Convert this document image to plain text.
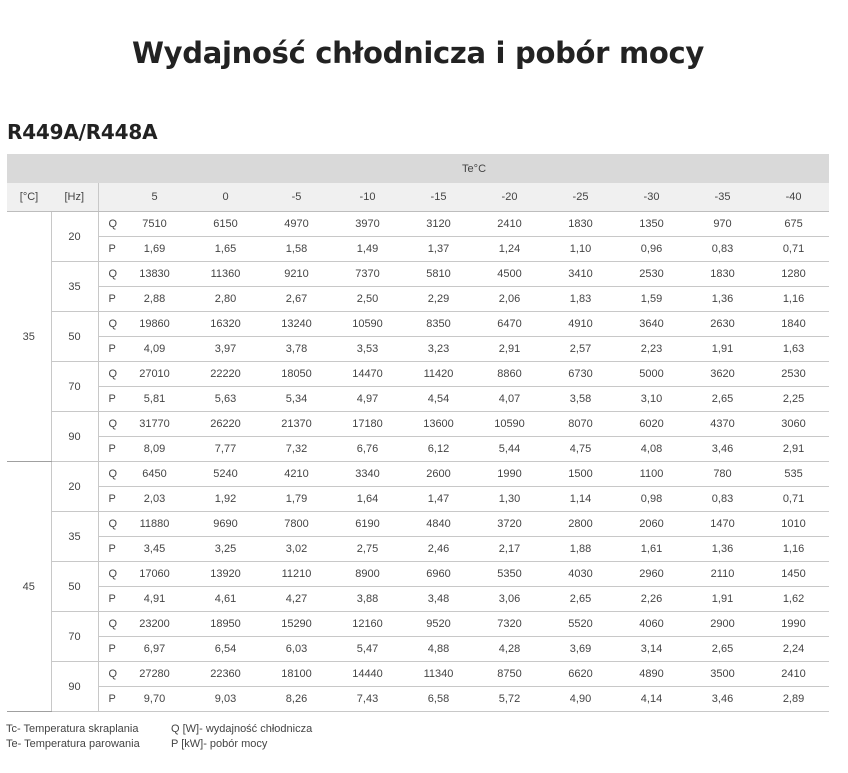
Wydajność chłodnicza i pobór mocy
R449A/R448A
			Te°C									
[°C]	[Hz]		5	0	-5	-10	-15	-20	-25	-30	-35	-40
35	20	Q	7510	6150	4970	3970	3120	2410	1830	1350	970	675
		P	1,69	1,65	1,58	1,49	1,37	1,24	1,10	0,96	0,83	0,71
	35	Q	13830	11360	9210	7370	5810	4500	3410	2530	1830	1280
		P	2,88	2,80	2,67	2,50	2,29	2,06	1,83	1,59	1,36	1,16
	50	Q	19860	16320	13240	10590	8350	6470	4910	3640	2630	1840
		P	4,09	3,97	3,78	3,53	3,23	2,91	2,57	2,23	1,91	1,63
	70	Q	27010	22220	18050	14470	11420	8860	6730	5000	3620	2530
		P	5,81	5,63	5,34	4,97	4,54	4,07	3,58	3,10	2,65	2,25
	90	Q	31770	26220	21370	17180	13600	10590	8070	6020	4370	3060
		P	8,09	7,77	7,32	6,76	6,12	5,44	4,75	4,08	3,46	2,91
45	20	Q	6450	5240	4210	3340	2600	1990	1500	1100	780	535
		P	2,03	1,92	1,79	1,64	1,47	1,30	1,14	0,98	0,83	0,71
	35	Q	11880	9690	7800	6190	4840	3720	2800	2060	1470	1010
		P	3,45	3,25	3,02	2,75	2,46	2,17	1,88	1,61	1,36	1,16
	50	Q	17060	13920	11210	8900	6960	5350	4030	2960	2110	1450
		P	4,91	4,61	4,27	3,88	3,48	3,06	2,65	2,26	1,91	1,62
	70	Q	23200	18950	15290	12160	9520	7320	5520	4060	2900	1990
		P	6,97	6,54	6,03	5,47	4,88	4,28	3,69	3,14	2,65	2,24
	90	Q	27280	22360	18100	14440	11340	8750	6620	4890	3500	2410
		P	9,70	9,03	8,26	7,43	6,58	5,72	4,90	4,14	3,46	2,89
Tc- Temperatura skraplania
Te- Temperatura parowania
Q [W]- wydajność chłodnicza
P [kW]- pobór mocy
